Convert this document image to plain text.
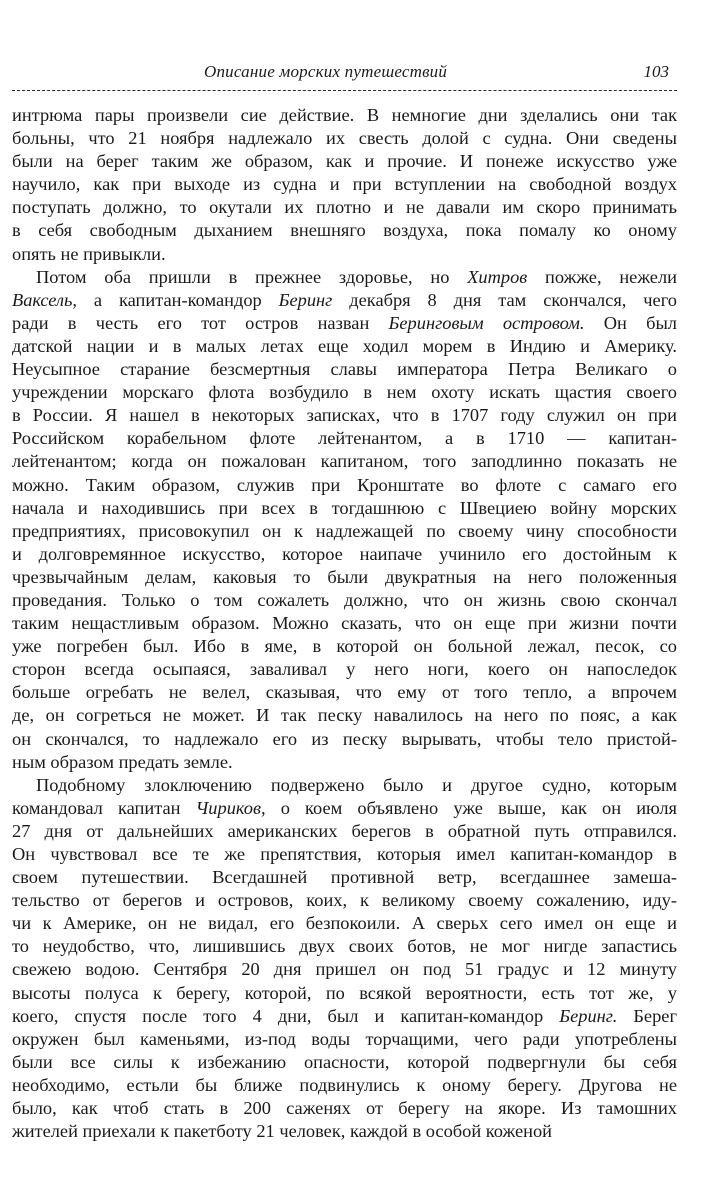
Описание морских путешествий	103

интрюма пары произвели сие действие. В немногие дни зделались они так

больны, что 21 ноября надлежало их свесть долой с судна. Они сведены

были на берег таким же образом, как и прочие. И понеже искусство уже

научило, как при выходе из судна и при вступлении на свободной воздух

поступать должно, то окутали их плотно и не давали им скоро принимать

в себя свободным дыханием внешняго воздуха, пока помалу ко оному

опять не привыкли.

Потом оба пришли в прежнее здоровье, но Хитров пожже, нежели

Ваксель, а капитан-командор Беринг декабря 8 дня там скончался, чего

ради в честь его тот остров назван Беринговым островом. Он был

датской нации и в малых летах еще ходил морем в Индию и Америку.

Неусыпное старание безсмертныя славы императора Петра Великаго о

учреждении морскаго флота возбудило в нем охоту искать щастия своего

в России. Я нашел в некоторых записках, что в 1707 году служил он при

Российском корабельном флоте лейтенантом, а в 1710 — капитан-

лейтенантом; когда он пожалован капитаном, того заподлинно показать не

можно. Таким образом, служив при Кронштате во флоте с самаго его

начала и находившись при всех в тогдашнюю с Швециею войну морских

предприятиях, присовокупил он к надлежащей по своему чину способности

и долговремянное искусство, которое наипаче учинило его достойным к

чрезвычайным делам, каковыя то были двукратныя на него положенныя

проведания. Только о том сожалеть должно, что он жизнь свою скончал

таким нещастливым образом. Можно сказать, что он еще при жизни почти

уже погребен был. Ибо в яме, в которой он больной лежал, песок, со

сторон всегда осыпаяся, заваливал у него ноги, коего он напоследок

больше огребать не велел, сказывая, что ему от того тепло, а впрочем

де, он согреться не может. И так песку навалилось на него по пояс, а как

он скончался, то надлежало его из песку вырывать, чтобы тело пристой-

ным образом предать земле.

Подобному злоключению подвержено было и другое судно, которым

командовал капитан Чириков, о коем объявлено уже выше, как он июля

27 дня от дальнейших американских берегов в обратной путь отправился.

Он чувствовал все те же препятствия, которыя имел капитан-командор в

своем путешествии. Всегдашней противной ветр, всегдашнее замеша-

тельство от берегов и островов, коих, к великому своему сожалению, иду-

чи к Америке, он не видал, его безпокоили. А сверьх сего имел он еще и

то неудобство, что, лишившись двух своих ботов, не мог нигде запастись

свежею водою. Сентября 20 дня пришел он под 51 градус и 12 минуту

высоты полуса к берегу, которой, по всякой вероятности, есть тот же, у

коего, спустя после того 4 дни, был и капитан-командор Беринг. Берег

окружен был каменьями, из-под воды торчащими, чего ради употреблены

были все силы к избежанию опасности, которой подвергнули бы себя

необходимо, естьли бы ближе подвинулись к оному берегу. Другова не

было, как чтоб стать в 200 саженях от берегу на якоре. Из тамошних

жителей приехали к пакетботу 21 человек, каждой в особой коженой
